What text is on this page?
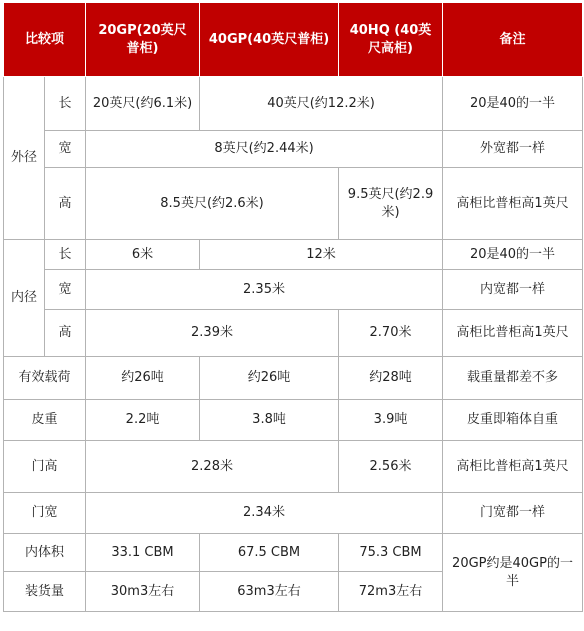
比较项		20GP(20英尺普柜)	40GP(40英尺普柜)	40HQ (40英尺高柜)	备注
外径	长	20英尺(约6.1米)	40英尺(约12.2米)		20是40的一半
	宽	8英尺(约2.44米)			外宽都一样
	高	8.5英尺(约2.6米)		9.5英尺(约2.9米)	高柜比普柜高1英尺
内径	长	6米	12米		20是40的一半
	宽	2.35米			内宽都一样
	高	2.39米		2.70米	高柜比普柜高1英尺
有效载荷		约26吨	约26吨	约28吨	载重量都差不多
皮重		2.2吨	3.8吨	3.9吨	皮重即箱体自重
门高		2.28米		2.56米	高柜比普柜高1英尺
门宽		2.34米			门宽都一样
内体积		33.1 CBM	67.5 CBM	75.3 CBM	20GP约是40GP的一半
装货量		30m3左右	63m3左右	72m3左右	
